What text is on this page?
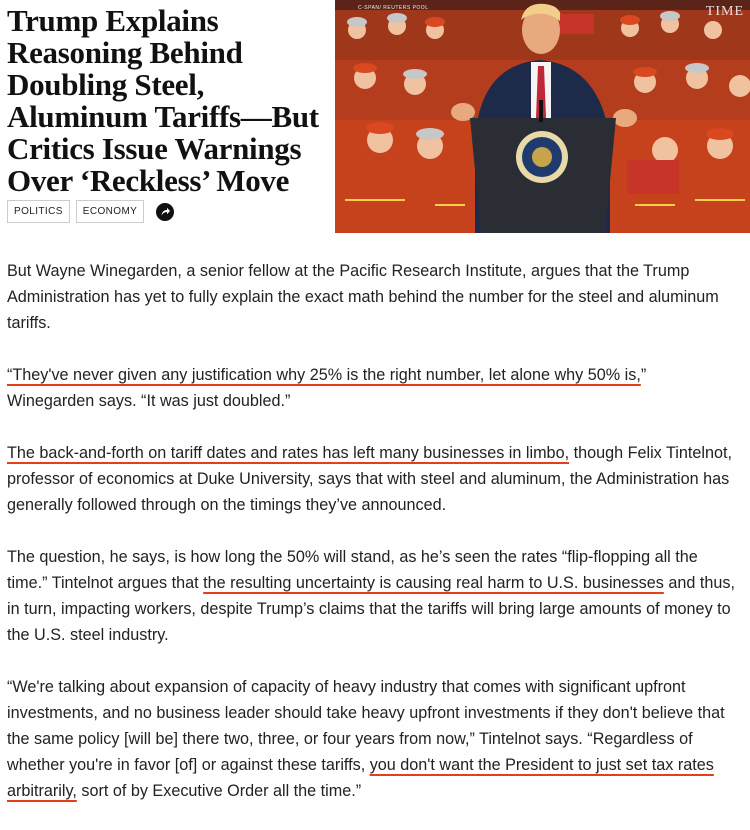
Trump Explains Reasoning Behind Doubling Steel, Aluminum Tariffs—But Critics Issue Warnings Over ‘Reckless’ Move
POLITICS	ECONOMY
TIME
C-SPAN/ REUTERS POOL

But Wayne Winegarden, a senior fellow at the Pacific Research Institute, argues that the Trump Administration has yet to fully explain the exact math behind the number for the steel and aluminum tariffs.

“They've never given any justification why 25% is the right number, let alone why 50% is,” Winegarden says. “It was just doubled.”

The back-and-forth on tariff dates and rates has left many businesses in limbo, though Felix Tintelnot, professor of economics at Duke University, says that with steel and aluminum, the Administration has generally followed through on the timings they’ve announced.

The question, he says, is how long the 50% will stand, as he’s seen the rates “flip-flopping all the time.” Tintelnot argues that the resulting uncertainty is causing real harm to U.S. businesses and thus, in turn, impacting workers, despite Trump’s claims that the tariffs will bring large amounts of money to the U.S. steel industry.

“We're talking about expansion of capacity of heavy industry that comes with significant upfront investments, and no business leader should take heavy upfront investments if they don't believe that the same policy [will be] there two, three, or four years from now,” Tintelnot says. “Regardless of whether you're in favor [of] or against these tariffs, you don't want the President to just set tax rates arbitrarily, sort of by Executive Order all the time.”
